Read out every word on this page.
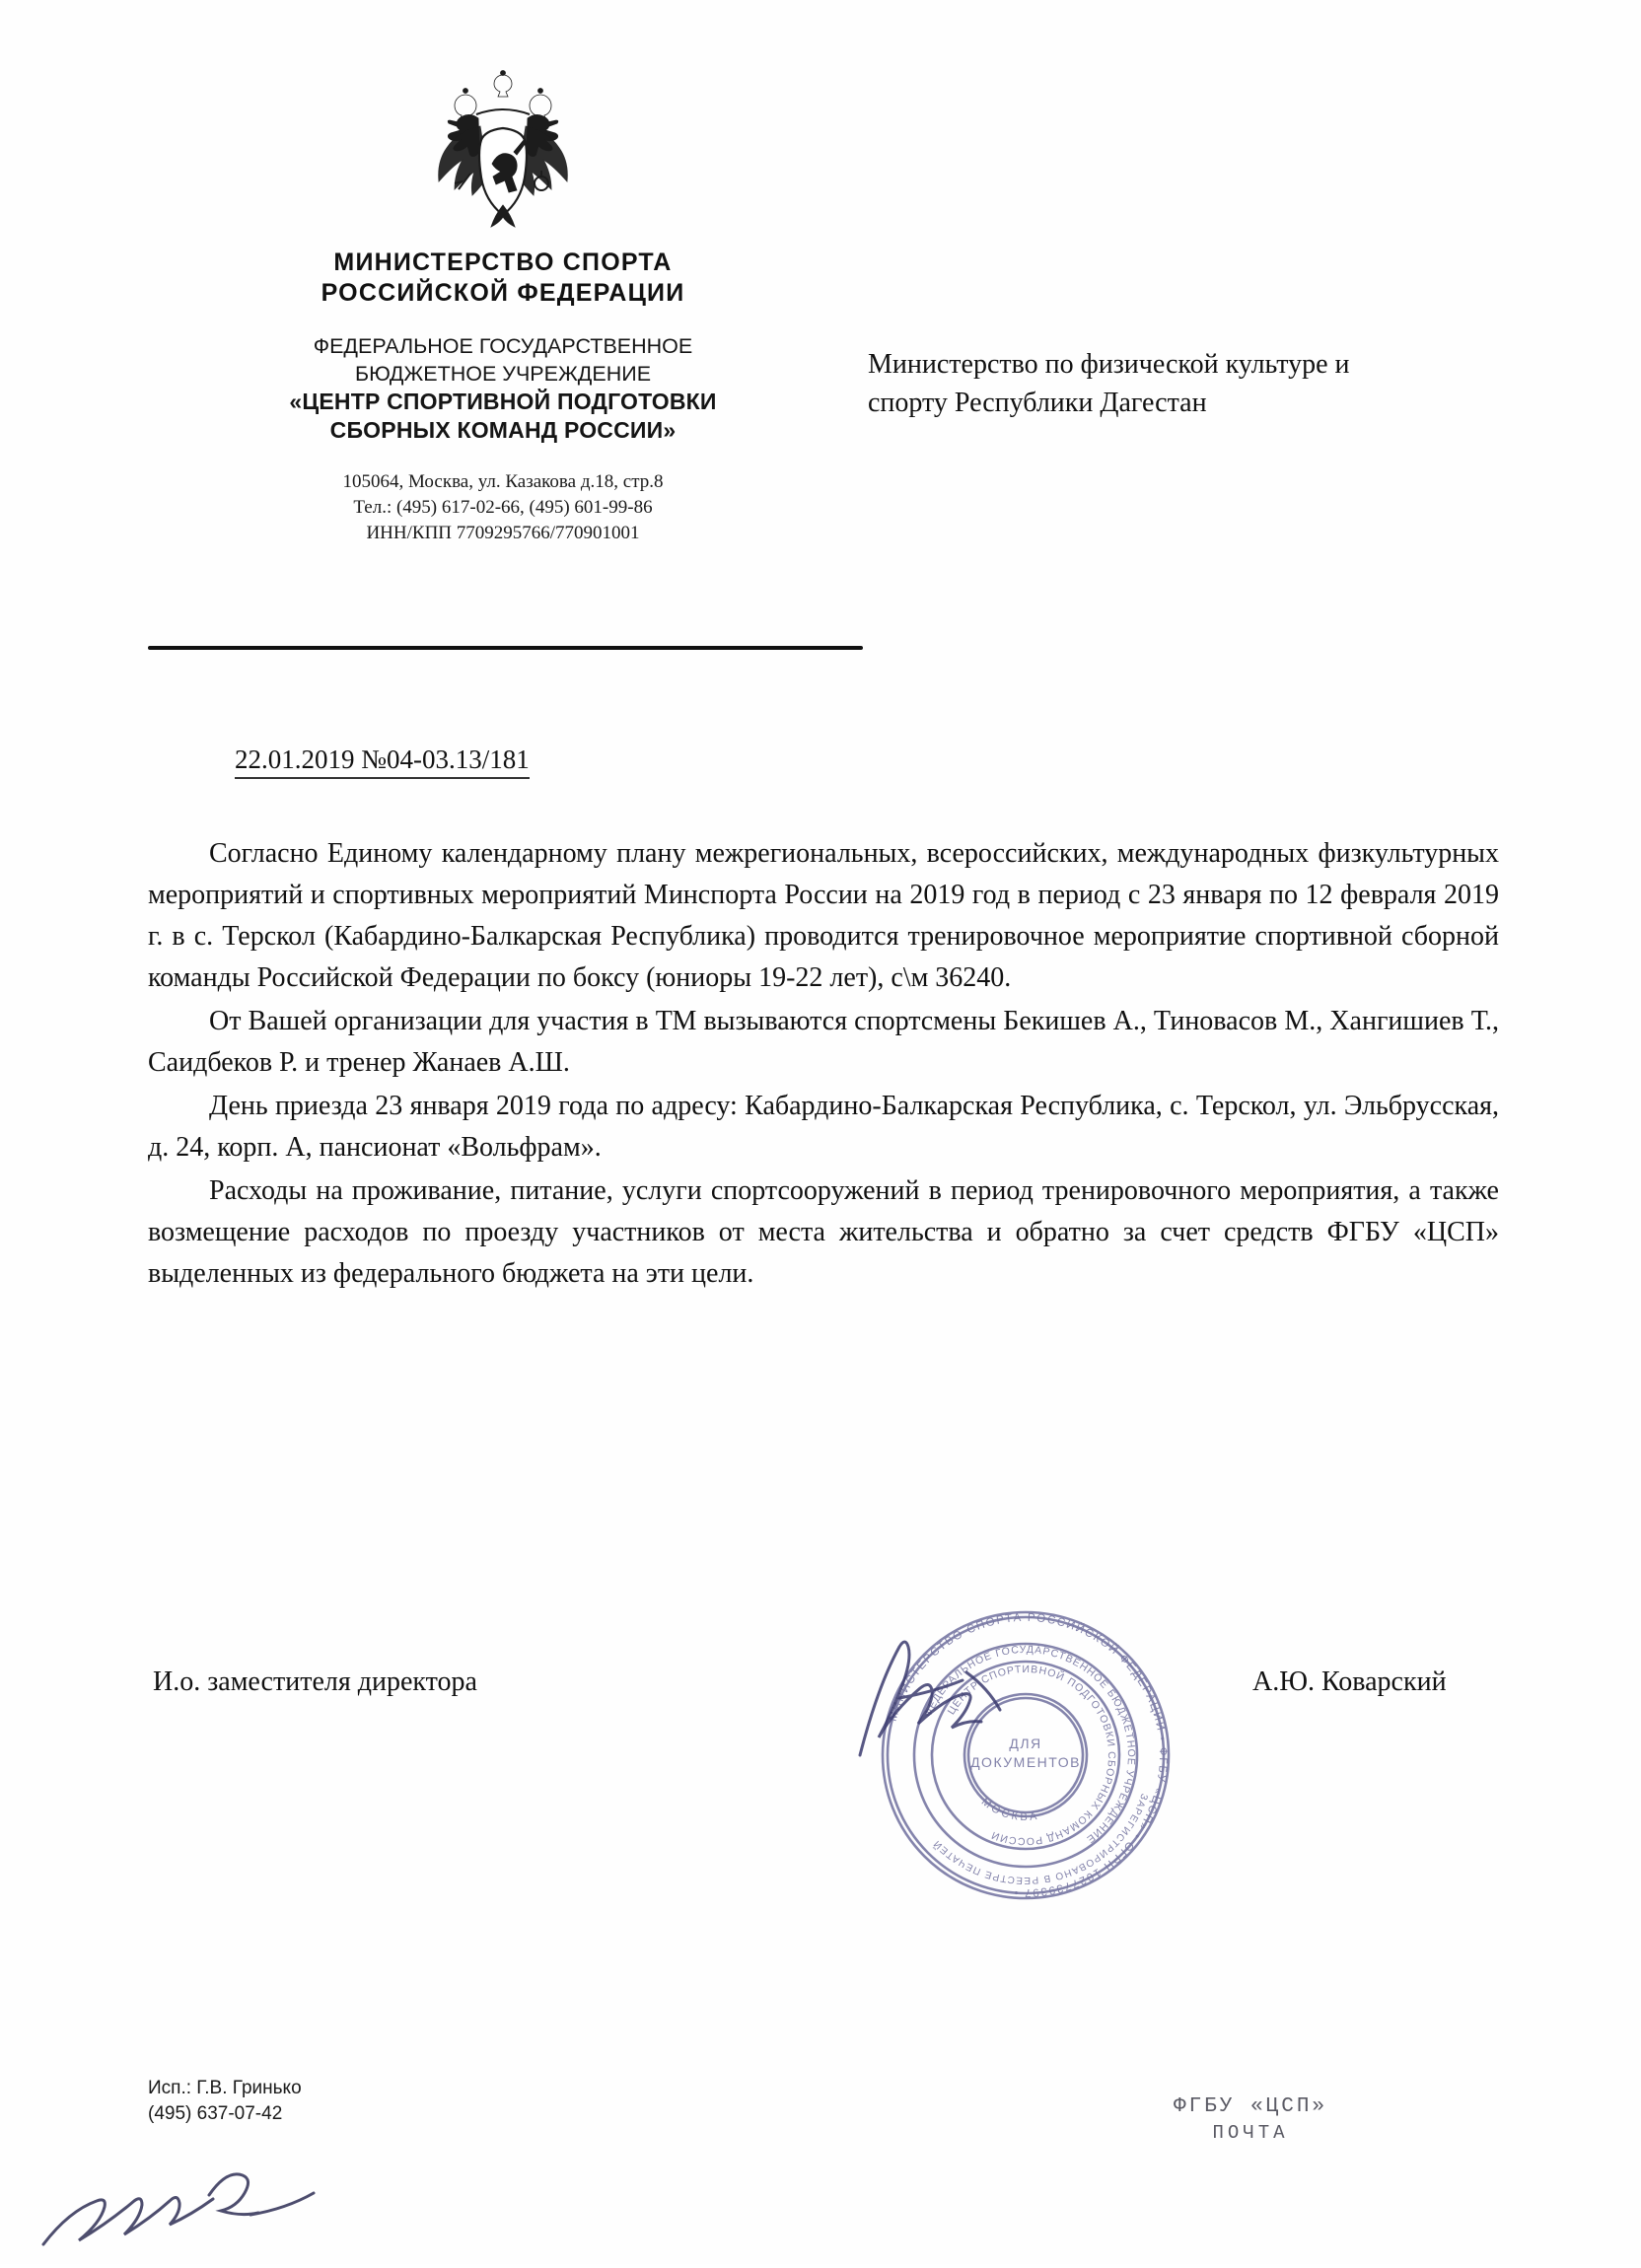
МИНИСТЕРСТВО СПОРТА
РОССИЙСКОЙ ФЕДЕРАЦИИ
ФЕДЕРАЛЬНОЕ ГОСУДАРСТВЕННОЕ
БЮДЖЕТНОЕ УЧРЕЖДЕНИЕ
«ЦЕНТР СПОРТИВНОЙ ПОДГОТОВКИ
СБОРНЫХ КОМАНД РОССИИ»
105064, Москва, ул. Казакова д.18, стр.8
Тел.: (495) 617-02-66, (495) 601-99-86
ИНН/КПП 7709295766/770901001
Министерство по физической культуре и
спорту Республики Дагестан
22.01.2019 №04-03.13/181

Согласно Единому календарному плану межрегиональных, всероссийских, международных физкультурных мероприятий и спортивных мероприятий Минспорта России на 2019 год в период с 23 января по 12 февраля 2019 г. в с. Терскол (Кабардино-Балкарская Республика) проводится тренировочное мероприятие спортивной сборной команды Российской Федерации по боксу (юниоры 19-22 лет), с\м 36240.

От Вашей организации для участия в ТМ вызываются спортсмены Бекишев А., Тиновасов М., Хангишиев Т., Саидбеков Р. и тренер Жанаев А.Ш.

День приезда 23 января 2019 года по адресу: Кабардино-Балкарская Республика, с. Терскол, ул. Эльбрусская, д. 24, корп. А, пансионат «Вольфрам».

Расходы на проживание, питание, услуги спортсооружений в период тренировочного мероприятия, а также возмещение расходов по проезду участников от места жительства и обратно за счет средств ФГБУ «ЦСП» выделенных из федерального бюджета на эти цели.

И.о. заместителя директора	А.Ю. Коварский
МИНИСТЕРСТВО СПОРТА РОССИЙСКОЙ ФЕДЕРАЦИИ • ФГБУ «ЦСП» • ОГРН 1027739397 •
ЗАРЕГИСТРИРОВАНО В РЕЕСТРЕ ПЕЧАТЕЙ
ФЕДЕРАЛЬНОЕ ГОСУДАРСТВЕННОЕ БЮДЖЕТНОЕ УЧРЕЖДЕНИЕ
ЦЕНТР СПОРТИВНОЙ ПОДГОТОВКИ СБОРНЫХ КОМАНД РОССИИ
МОСКВА
ДЛЯ
ДОКУМЕНТОВ
Исп.: Г.В. Гринько
(495) 637-07-42	ФГБУ «ЦСП»
ПОЧТА
